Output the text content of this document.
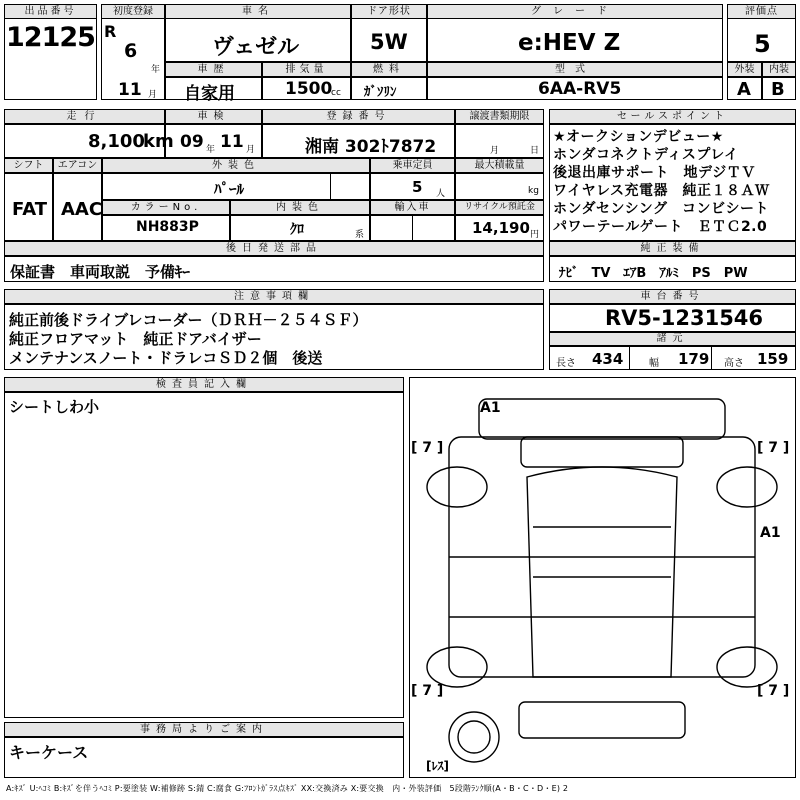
出品番号
12125
初度登録
R
6
年
車名
ヴェゼル
ドア形状
5W
グレード
e:HEV Z
評価点
5
車歴
自家用
11 月
排気量
1500
cc
燃料
ｶﾞｿﾘﾝ
型式
6AA-RV5
外装	内装
A B
走行
8,100
km
車検
09 年 11 月
登録番号
湘南 302ﾄ7872
譲渡書類期限
月	日
セールスポイント
★オークションデビュー★
ホンダコネクトディスプレイ
後退出庫サポート　地デジＴＶ
ワイヤレス充電器　純正１８ＡＷ
ホンダセンシング　コンビシート
パワーテールゲート　ＥＴＣ2.0
シフト	エアコン
FAT AAC
外装色
ﾊﾟｰﾙ
乗車定員
5 人
最大積載量
kg
カラーNo.
NH883P
内装色
ｸﾛ	系
輸入車	リサイクル預託金
14,190 円
後日発送部品
保証書　車両取説　予備ｷｰ
純正装備
ﾅﾋﾞ　TV　ｴｱB　ｱﾙﾐ　PS　PW
注意事項欄
純正前後ドライブレコーダー（ＤＲＨ－２５４ＳＦ）
純正フロアマット　純正ドアバイザー
メンテナンスノート・ドラレコＳＤ２個　後送
車台番号
RV5-1231546
諸元
長さ 434	幅 179 高さ 159
検査員記入欄
シートしわ小
事務局よりご案内
キーケース
A1
A1
[ 7 ]	[ 7 ]
[ 7 ]	[ 7 ]
[ﾚｽ]
A:ｷｽﾞ U:ﾍｺﾐ B:ｷｽﾞを伴うﾍｺﾐ P:要塗装 W:補修跡 S:錆 C:腐食 G:ﾌﾛﾝﾄｶﾞﾗｽ点ｷｽﾞ XX:交換済み X:要交換　内・外装評価　5段階ﾗﾝｸ順(A・B・C・D・E) 2
